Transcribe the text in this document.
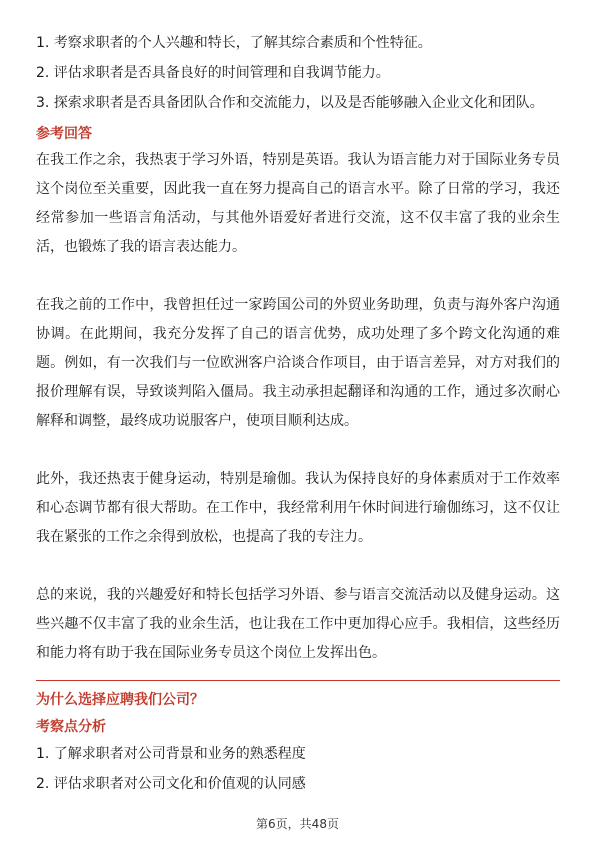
1. 考察求职者的个人兴趣和特长，了解其综合素质和个性特征。
2. 评估求职者是否具备良好的时间管理和自我调节能力。
3. 探索求职者是否具备团队合作和交流能力，以及是否能够融入企业文化和团队。
参考回答

在我工作之余，我热衷于学习外语，特别是英语。我认为语言能力对于国际业务专员这个岗位至关重要，因此我一直在努力提高自己的语言水平。除了日常的学习，我还经常参加一些语言角活动，与其他外语爱好者进行交流，这不仅丰富了我的业余生活，也锻炼了我的语言表达能力。

在我之前的工作中，我曾担任过一家跨国公司的外贸业务助理，负责与海外客户沟通协调。在此期间，我充分发挥了自己的语言优势，成功处理了多个跨文化沟通的难题。例如，有一次我们与一位欧洲客户洽谈合作项目，由于语言差异，对方对我们的报价理解有误，导致谈判陷入僵局。我主动承担起翻译和沟通的工作，通过多次耐心解释和调整，最终成功说服客户，使项目顺利达成。

此外，我还热衷于健身运动，特别是瑜伽。我认为保持良好的身体素质对于工作效率和心态调节都有很大帮助。在工作中，我经常利用午休时间进行瑜伽练习，这不仅让我在紧张的工作之余得到放松，也提高了我的专注力。

总的来说，我的兴趣爱好和特长包括学习外语、参与语言交流活动以及健身运动。这些兴趣不仅丰富了我的业余生活，也让我在工作中更加得心应手。我相信，这些经历和能力将有助于我在国际业务专员这个岗位上发挥出色。

为什么选择应聘我们公司？
考察点分析
1. 了解求职者对公司背景和业务的熟悉程度
2. 评估求职者对公司文化和价值观的认同感
第6页，共48页
